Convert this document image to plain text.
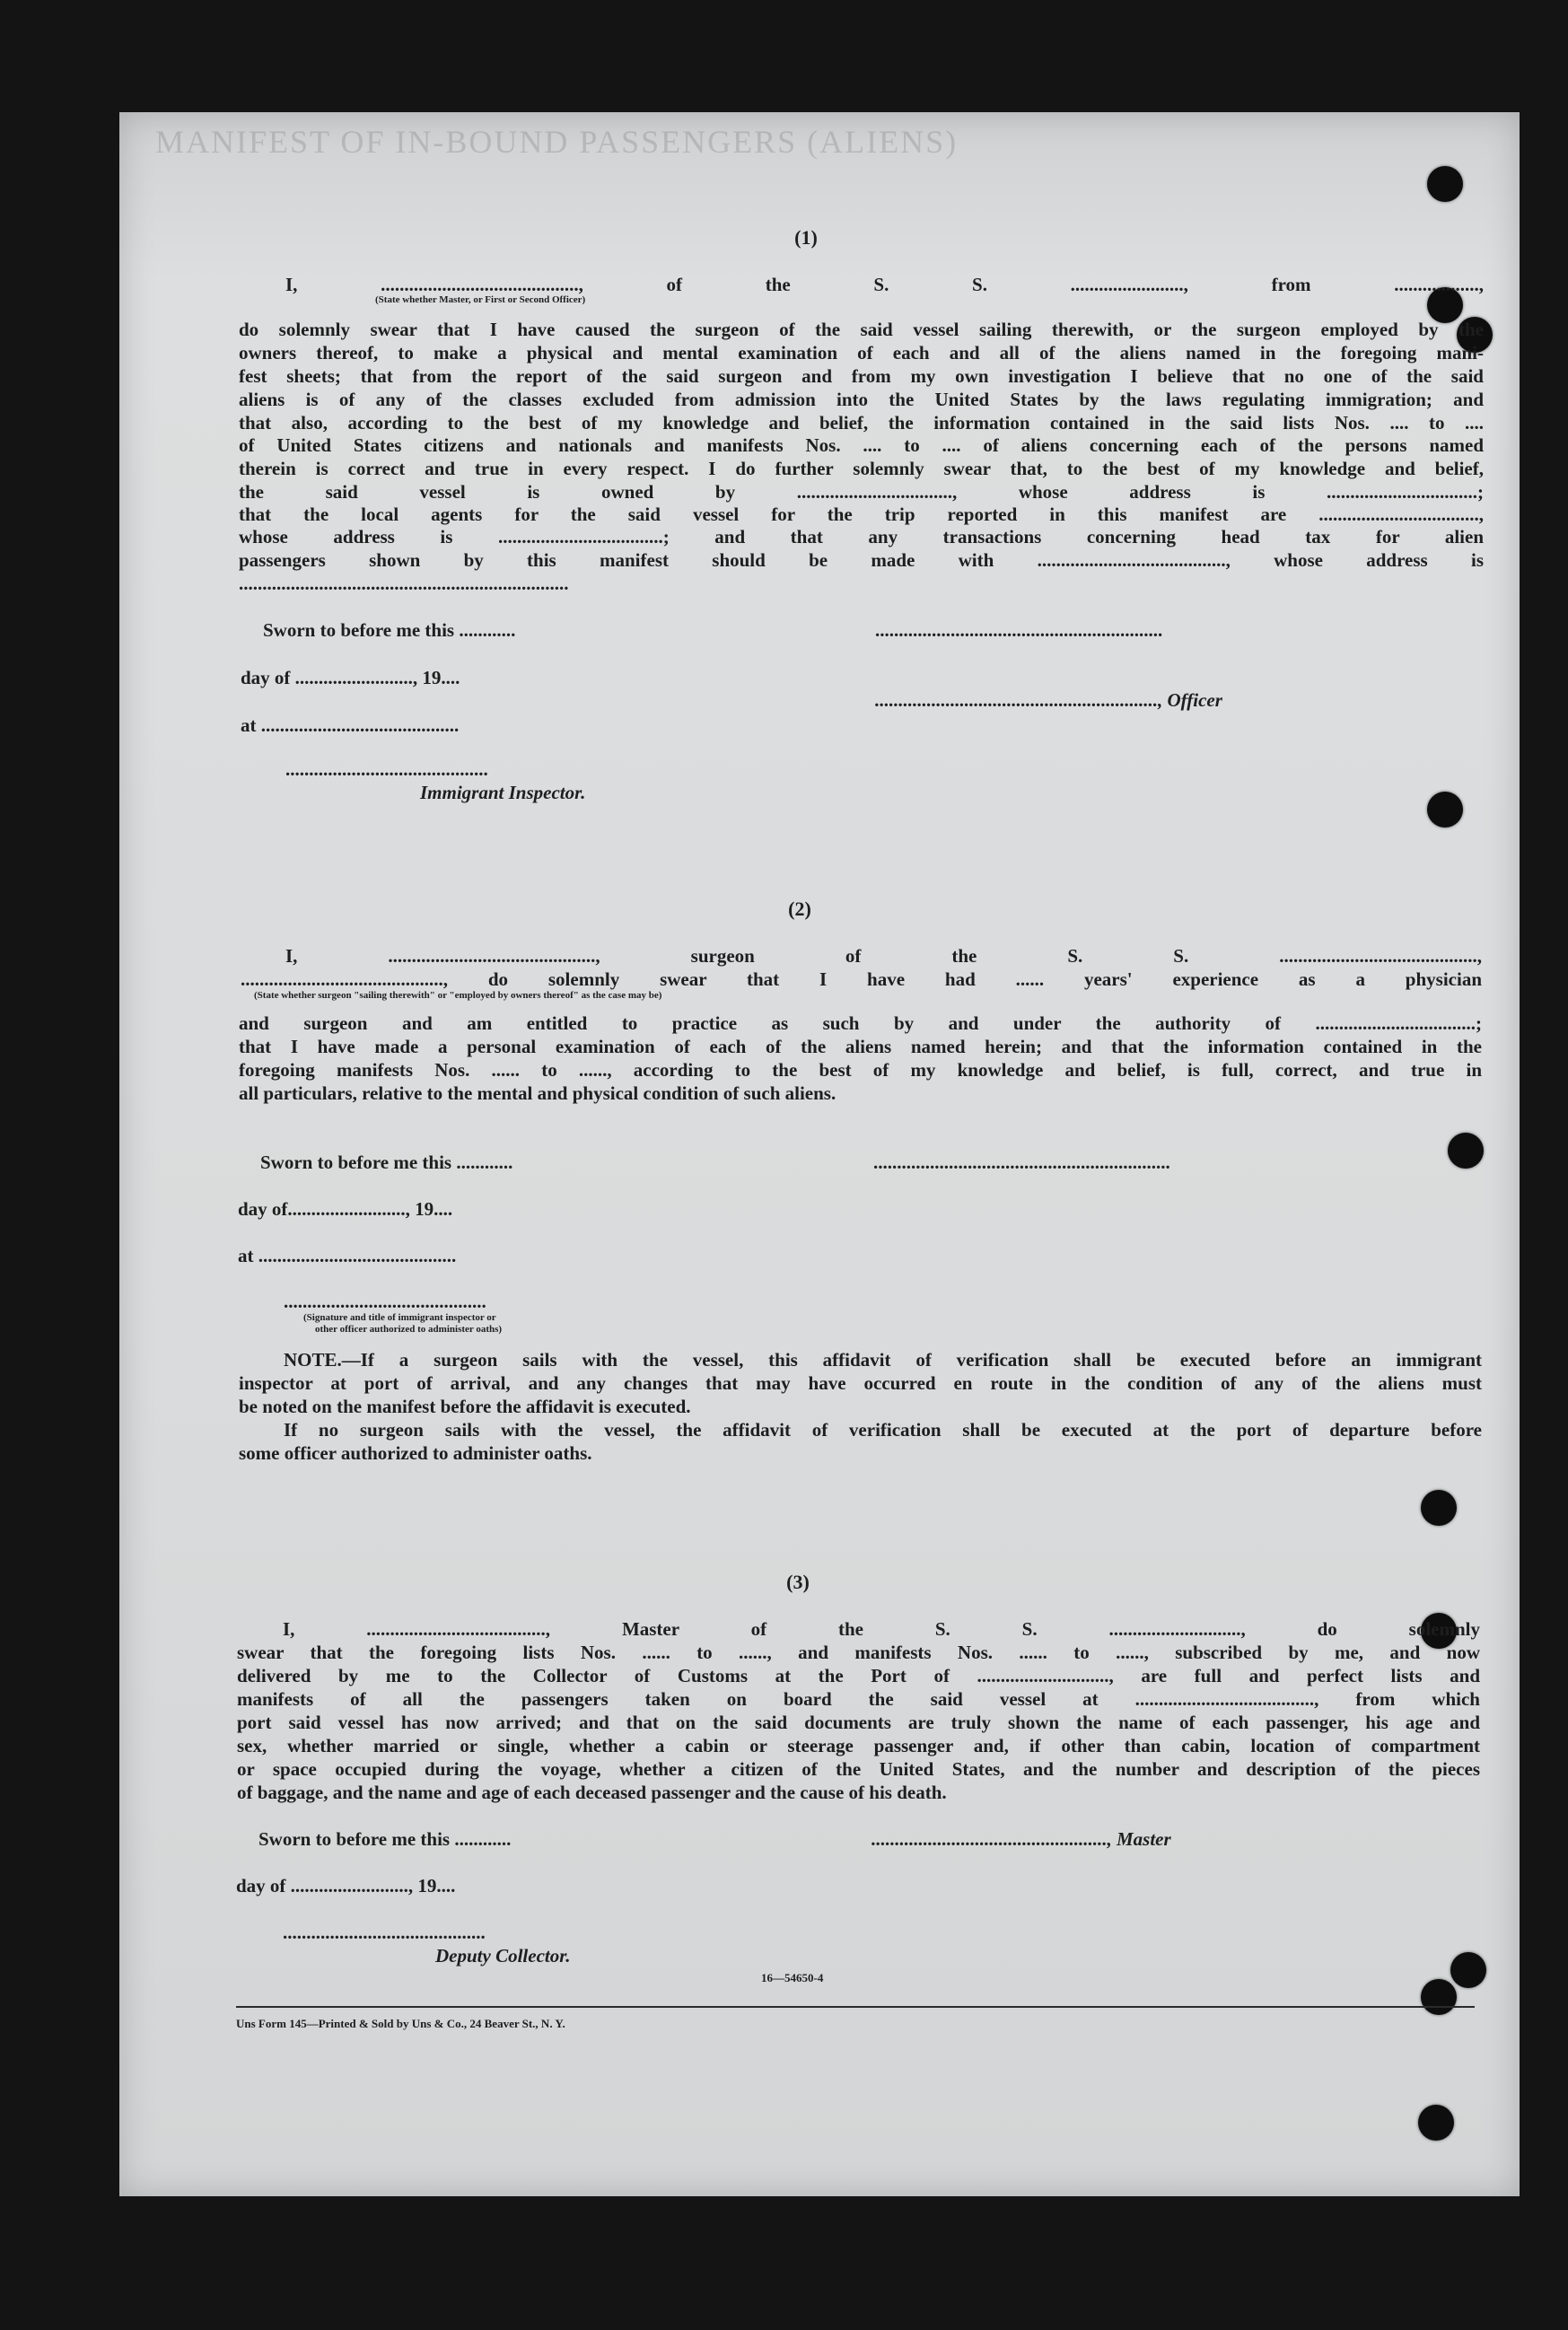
MANIFEST OF IN-BOUND PASSENGERS (ALIENS)
(1)
I, .........................................., of the S. S. ........................, from ..................,
(State whether Master, or First or Second Officer)
do solemnly swear that I have caused the surgeon of the said vessel sailing therewith, or the surgeon employed by the
owners thereof, to make a physical and mental examination of each and all of the aliens named in the foregoing mani-
fest sheets; that from the report of the said surgeon and from my own investigation I believe that no one of the said
aliens is of any of the classes excluded from admission into the United States by the laws regulating immigration; and
that also, according to the best of my knowledge and belief, the information contained in the said lists Nos. .... to ....
of United States citizens and nationals and manifests Nos. .... to .... of aliens concerning each of the persons named
therein is correct and true in every respect. I do further solemnly swear that, to the best of my knowledge and belief,
the said vessel is owned by ................................., whose address is ................................;
that the local agents for the said vessel for the trip reported in this manifest are ..................................,
whose address is ...................................; and that any transactions concerning head tax for alien
passengers shown by this manifest should be made with ........................................, whose address is
......................................................................
Sworn to before me this ............	.............................................................
day of ........................., 19....
............................................................, Officer
at ..........................................
...........................................
Immigrant Inspector.
(2)
I, ............................................, surgeon of the S. S. ..........................................,
..........................................., do solemnly swear that I have had ...... years' experience as a physician
(State whether surgeon "sailing therewith" or "employed by owners thereof" as the case may be)
and surgeon and am entitled to practice as such by and under the authority of ..................................;
that I have made a personal examination of each of the aliens named herein; and that the information contained in the
foregoing manifests Nos. ...... to ......, according to the best of my knowledge and belief, is full, correct, and true in
all particulars, relative to the mental and physical condition of such aliens.
Sworn to before me this ............	...............................................................
day of........................., 19....
at ..........................................
...........................................
(Signature and title of immigrant inspector or
other officer authorized to administer oaths)
NOTE.—If a surgeon sails with the vessel, this affidavit of verification shall be executed before an immigrant
inspector at port of arrival, and any changes that may have occurred en route in the condition of any of the aliens must
be noted on the manifest before the affidavit is executed.
If no surgeon sails with the vessel, the affidavit of verification shall be executed at the port of departure before
some officer authorized to administer oaths.
(3)
I, ......................................, Master of the S. S. ............................, do solemnly
swear that the foregoing lists Nos. ...... to ......, and manifests Nos. ...... to ......, subscribed by me, and now
delivered by me to the Collector of Customs at the Port of ............................, are full and perfect lists and
manifests of all the passengers taken on board the said vessel at ......................................, from which
port said vessel has now arrived; and that on the said documents are truly shown the name of each passenger, his age and
sex, whether married or single, whether a cabin or steerage passenger and, if other than cabin, location of compartment
or space occupied during the voyage, whether a citizen of the United States, and the number and description of the pieces
of baggage, and the name and age of each deceased passenger and the cause of his death.
Sworn to before me this ............	.................................................., Master
day of ........................., 19....
...........................................
Deputy Collector.
16—54650-4
Uns Form 145—Printed & Sold by Uns & Co., 24 Beaver St., N. Y.
